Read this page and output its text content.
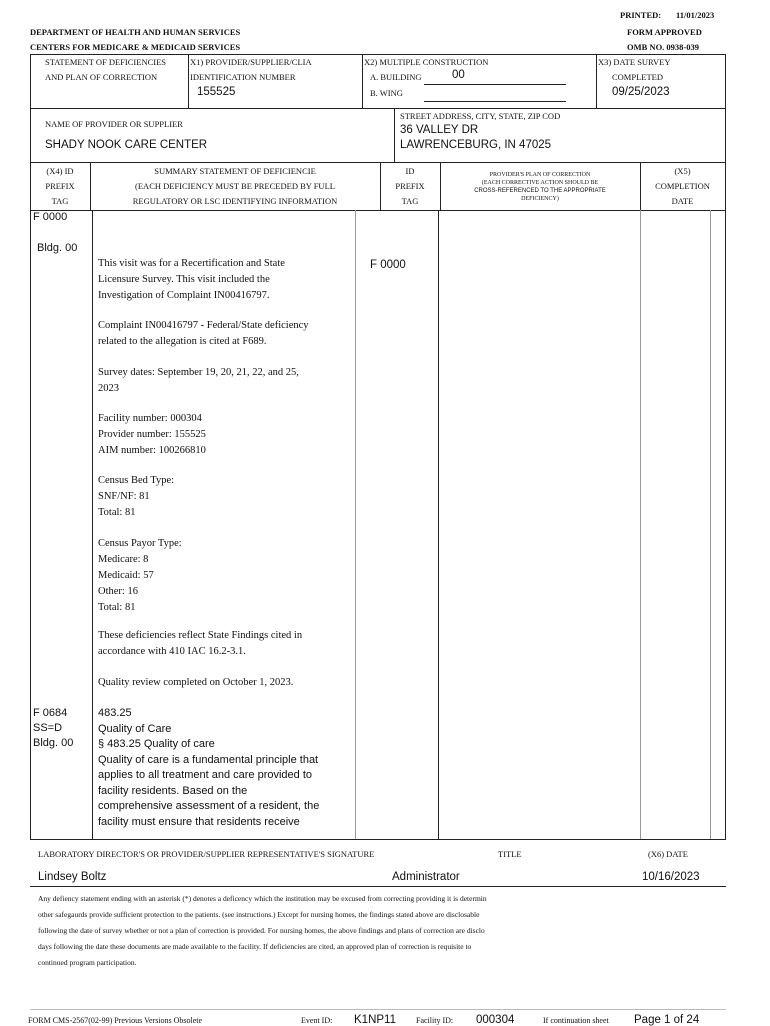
PRINTED: 11/01/2023
DEPARTMENT OF HEALTH AND HUMAN SERVICES	FORM APPROVED
CENTERS FOR MEDICARE & MEDICAID SERVICES	OMB NO. 0938-039
STATEMENT OF DEFICIENCIES
AND PLAN OF CORRECTION
X1) PROVIDER/SUPPLIER/CLIA
IDENTIFICATION NUMBER
155525
X2) MULTIPLE CONSTRUCTION
A. BUILDING	00
B. WING
X3) DATE SURVEY
COMPLETED
09/25/2023
NAME OF PROVIDER OR SUPPLIER
SHADY NOOK CARE CENTER
STREET ADDRESS, CITY, STATE, ZIP COD
36 VALLEY DR
LAWRENCEBURG, IN 47025
(X4) ID
PREFIX
TAG
SUMMARY STATEMENT OF DEFICIENCIE
(EACH DEFICIENCY MUST BE PRECEDED BY FULL
REGULATORY OR LSC IDENTIFYING INFORMATION
ID
PREFIX
TAG
PROVIDER'S PLAN OF CORRECTION
(EACH CORRECTIVE ACTION SHOULD BE
CROSS-REFERENCED TO THE APPROPRIATE
DEFICIENCY)
(X5)
COMPLETION
DATE
F 0000
Bldg. 00
F 0000
This visit was for a Recertification and State
Licensure Survey. This visit included the
Investigation of Complaint IN00416797.
Complaint IN00416797 - Federal/State deficiency
related to the allegation is cited at F689.
Survey dates: September 19, 20, 21, 22, and 25,
2023
Facility number: 000304
Provider number: 155525
AIM number: 100266810
Census Bed Type:
SNF/NF: 81
Total: 81
Census Payor Type:
Medicare: 8
Medicaid: 57
Other: 16
Total: 81
These deficiencies reflect State Findings cited in
accordance with 410 IAC 16.2-3.1.
Quality review completed on October 1, 2023.
F 0684
SS=D
Bldg. 00
483.25
Quality of Care
§ 483.25 Quality of care
Quality of care is a fundamental principle that
applies to all treatment and care provided to
facility residents. Based on the
comprehensive assessment of a resident, the
facility must ensure that residents receive
LABORATORY DIRECTOR'S OR PROVIDER/SUPPLIER REPRESENTATIVE'S SIGNATURE	TITLE	(X6) DATE
Lindsey Boltz	Administrator	10/16/2023
Any defiency statement ending with an asterisk (*) denotes a deficency which the institution may be excused from correcting providing it is determin
other safegaurds provide sufficient protection to the patients. (see instructions.) Except for nursing homes, the findings stated above are disclosable
following the date of survey whether or not a plan of correction is provided. For nursing homes, the above findings and plans of correction are disclo
days following the date these documents are made available to the facility. If deficiencies are cited, an approved plan of correction is requisite to
continued program participation.
FORM CMS-2567(02-99) Previous Versions Obsolete	Event ID: K1NP11	Facility ID: 000304	If continuation sheet Page 1 of 24
